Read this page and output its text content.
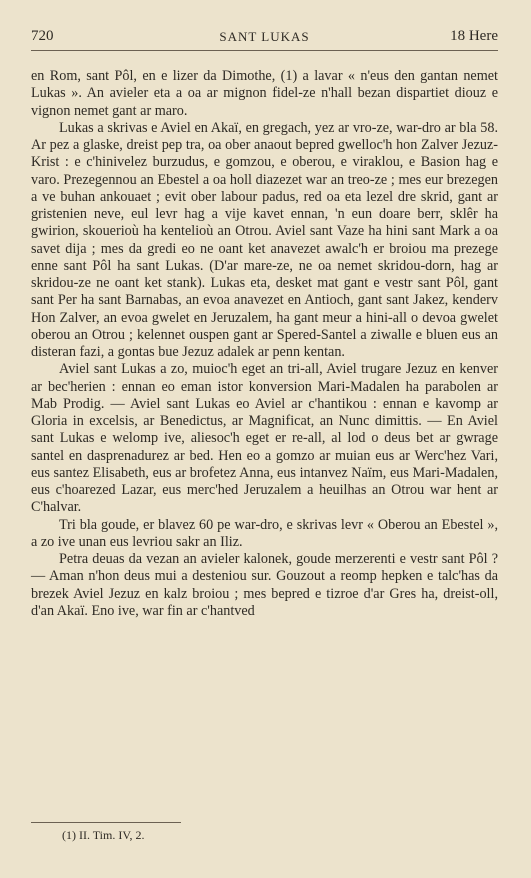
720	SANT LUKAS	18 Here

en Rom, sant Pôl, en e lizer da Dimothe, (1) a lavar « n'eus den gantan nemet Lukas ». An avieler eta a oa ar mignon fidel-ze n'hall bezan dispartiet diouz e vignon nemet gant ar maro.

Lukas a skrivas e Aviel en Akaï, en gregach, yez ar vro-ze, war-dro ar bla 58. Ar pez a glaske, dreist pep tra, oa ober anaout bepred gwelloc'h hon Zalver Jezuz-Krist : e c'hinivelez burzudus, e gomzou, e oberou, e viraklou, e Basion hag e varo. Prezegennou an Ebestel a oa holl diazezet war an treo-ze ; mes eur brezegen a ve buhan ankouaet ; evit ober labour padus, red oa eta lezel dre skrid, gant ar gristenien neve, eul levr hag a vije kavet ennan, 'n eun doare berr, sklêr ha gwirion, skouerioù ha kentelioù an Otrou. Aviel sant Vaze ha hini sant Mark a oa savet dija ; mes da gredi eo ne oant ket anavezet awalc'h er broiou ma prezege enne sant Pôl ha sant Lukas. (D'ar mare-ze, ne oa nemet skridou-dorn, hag ar skridou-ze ne oant ket stank). Lukas eta, desket mat gant e vestr sant Pôl, gant sant Per ha sant Barnabas, an evoa anavezet en Antioch, gant sant Jakez, kenderv Hon Zalver, an evoa gwelet en Jeruzalem, ha gant meur a hini-all o devoa gwelet oberou an Otrou ; kelennet ouspen gant ar Spered-Santel a ziwalle e bluen eus an disteran fazi, a gontas bue Jezuz adalek ar penn kentan.

Aviel sant Lukas a zo, muioc'h eget an tri-all, Aviel trugare Jezuz en kenver ar bec'herien : ennan eo eman istor konversion Mari-Madalen ha parabolen ar Mab Prodig. — Aviel sant Lukas eo Aviel ar c'hantikou : ennan e kavomp ar Gloria in excelsis, ar Benedictus, ar Magnificat, an Nunc dimittis. — En Aviel sant Lukas e welomp ive, aliesoc'h eget er re-all, al lod o deus bet ar gwrage santel en dasprenadurez ar bed. Hen eo a gomzo ar muian eus ar Werc'hez Vari, eus santez Elisabeth, eus ar brofetez Anna, eus intanvez Naïm, eus Mari-Madalen, eus c'hoarezed Lazar, eus merc'hed Jeruzalem a heuilhas an Otrou war hent ar C'halvar.

Tri bla goude, er blavez 60 pe war-dro, e skrivas levr « Oberou an Ebestel », a zo ive unan eus levriou sakr an Iliz.

Petra deuas da vezan an avieler kalonek, goude merzerenti e vestr sant Pôl ? — Aman n'hon deus mui a desteniou sur. Gouzout a reomp hepken e talc'has da brezek Aviel Jezuz en kalz broiou ; mes bepred e tizroe d'ar Gres ha, dreist-oll, d'an Akaï. Eno ive, war fin ar c'hantved

(1) II. Tim. IV, 2.
